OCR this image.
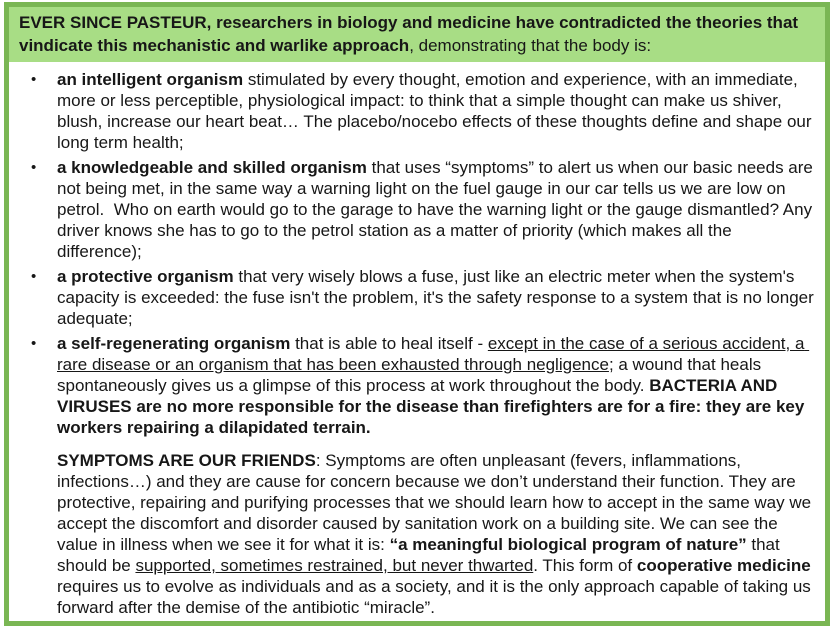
EVER SINCE PASTEUR, researchers in biology and medicine have contradicted the theories that vindicate this mechanistic and warlike approach, demonstrating that the body is:
•	an intelligent organism stimulated by every thought, emotion and experience, with an immediate, more or less perceptible, physiological impact: to think that a simple thought can make us shiver, blush, increase our heart beat… The placebo/nocebo effects of these thoughts define and shape our long term health;
•	a knowledgeable and skilled organism that uses “symptoms” to alert us when our basic needs are not being met, in the same way a warning light on the fuel gauge in our car tells us we are low on petrol.  Who on earth would go to the garage to have the warning light or the gauge dismantled? Any driver knows she has to go to the petrol station as a matter of priority (which makes all the difference);
•	a protective organism that very wisely blows a fuse, just like an electric meter when the system's capacity is exceeded: the fuse isn't the problem, it's the safety response to a system that is no longer adequate;
•	a self-regenerating organism that is able to heal itself - except in the case of a serious accident, a rare disease or an organism that has been exhausted through negligence; a wound that heals spontaneously gives us a glimpse of this process at work throughout the body. BACTERIA AND VIRUSES are no more responsible for the disease than firefighters are for a fire: they are key workers repairing a dilapidated terrain.
SYMPTOMS ARE OUR FRIENDS: Symptoms are often unpleasant (fevers, inflammations, infections…) and they are cause for concern because we don’t understand their function. They are protective, repairing and purifying processes that we should learn how to accept in the same way we accept the discomfort and disorder caused by sanitation work on a building site. We can see the value in illness when we see it for what it is: “a meaningful biological program of nature” that should be supported, sometimes restrained, but never thwarted. This form of cooperative medicine requires us to evolve as individuals and as a society, and it is the only approach capable of taking us forward after the demise of the antibiotic “miracle”.
